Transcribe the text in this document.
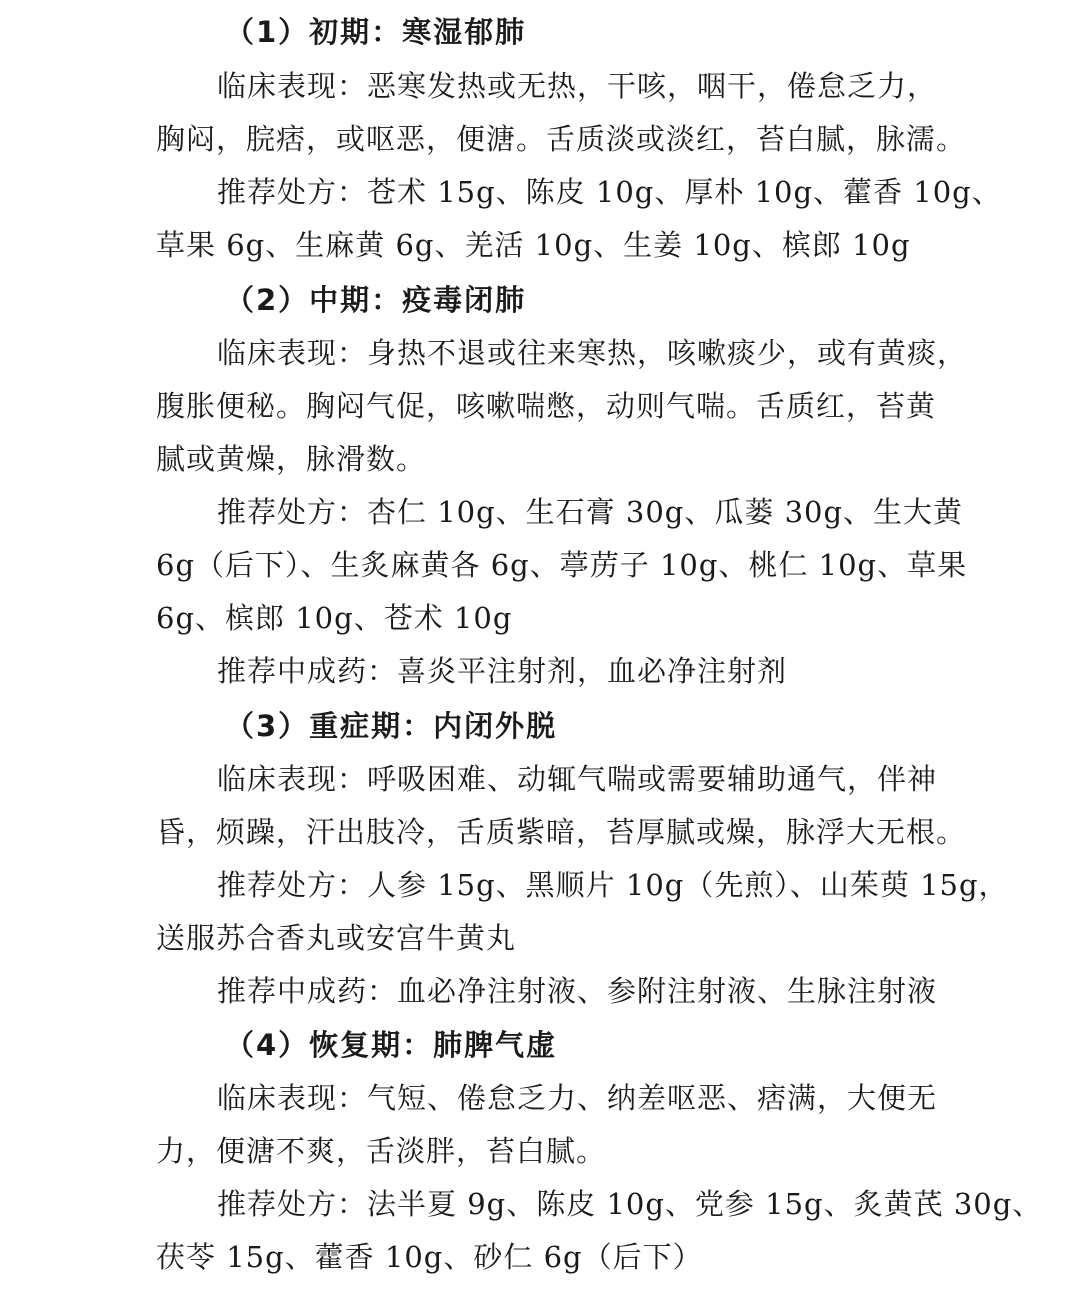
（1）初期：寒湿郁肺
临床表现：恶寒发热或无热，干咳，咽干，倦怠乏力，
胸闷，脘痞，或呕恶，便溏。舌质淡或淡红，苔白腻，脉濡。
推荐处方：苍术 15g、陈皮 10g、厚朴 10g、藿香 10g、
草果 6g、生麻黄 6g、羌活 10g、生姜 10g、槟郎 10g
（2）中期：疫毒闭肺
临床表现：身热不退或往来寒热，咳嗽痰少，或有黄痰，
腹胀便秘。胸闷气促，咳嗽喘憋，动则气喘。舌质红，苔黄
腻或黄燥，脉滑数。
推荐处方：杏仁 10g、生石膏 30g、瓜蒌 30g、生大黄
6g（后下）、生炙麻黄各 6g、葶苈子 10g、桃仁 10g、草果
6g、槟郎 10g、苍术 10g
推荐中成药：喜炎平注射剂，血必净注射剂
（3）重症期：内闭外脱
临床表现：呼吸困难、动辄气喘或需要辅助通气，伴神
昏，烦躁，汗出肢冷，舌质紫暗，苔厚腻或燥，脉浮大无根。
推荐处方：人参 15g、黑顺片 10g（先煎）、山茱萸 15g，
送服苏合香丸或安宫牛黄丸
推荐中成药：血必净注射液、参附注射液、生脉注射液
（4）恢复期：肺脾气虚
临床表现：气短、倦怠乏力、纳差呕恶、痞满，大便无
力，便溏不爽，舌淡胖，苔白腻。
推荐处方：法半夏 9g、陈皮 10g、党参 15g、炙黄芪 30g、
茯苓 15g、藿香 10g、砂仁 6g（后下）
